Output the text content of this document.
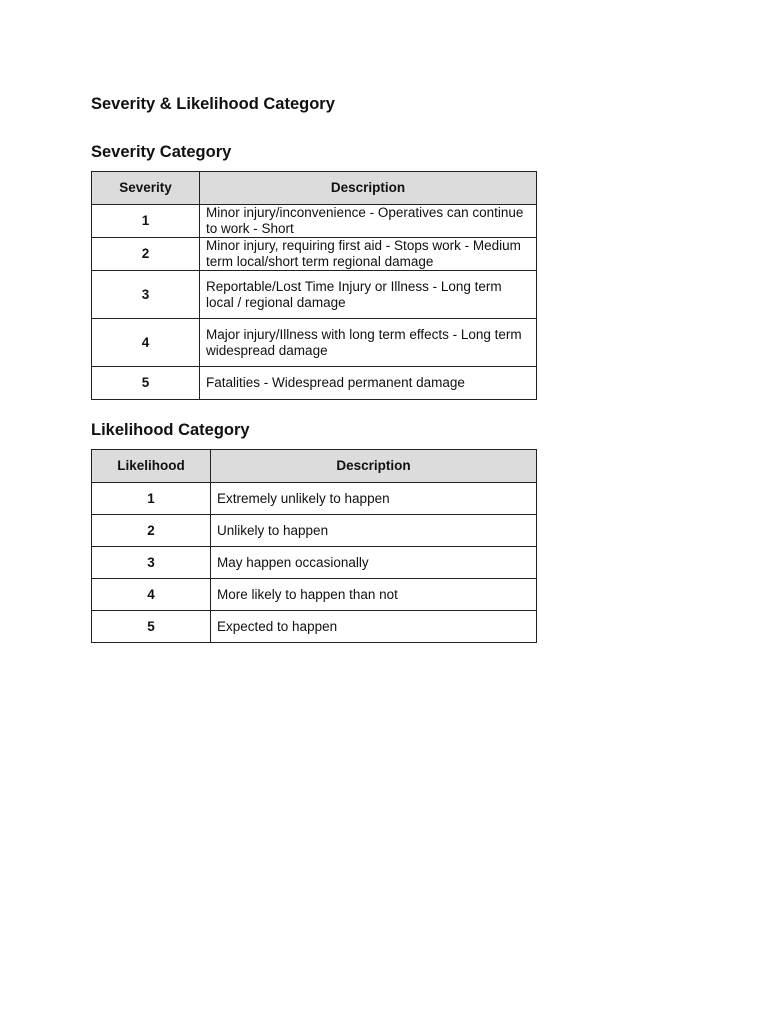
Severity & Likelihood Category
Severity Category
Severity	Description
1	Minor injury/inconvenience - Operatives can continue to work - Short
2	Minor injury, requiring first aid - Stops work - Medium term local/short term regional damage
3	Reportable/Lost Time Injury or Illness - Long term local / regional damage
4	Major injury/Illness with long term effects - Long term widespread damage
5	Fatalities - Widespread permanent damage
Likelihood Category
Likelihood	Description
1	Extremely unlikely to happen
2	Unlikely to happen
3	May happen occasionally
4	More likely to happen than not
5	Expected to happen
